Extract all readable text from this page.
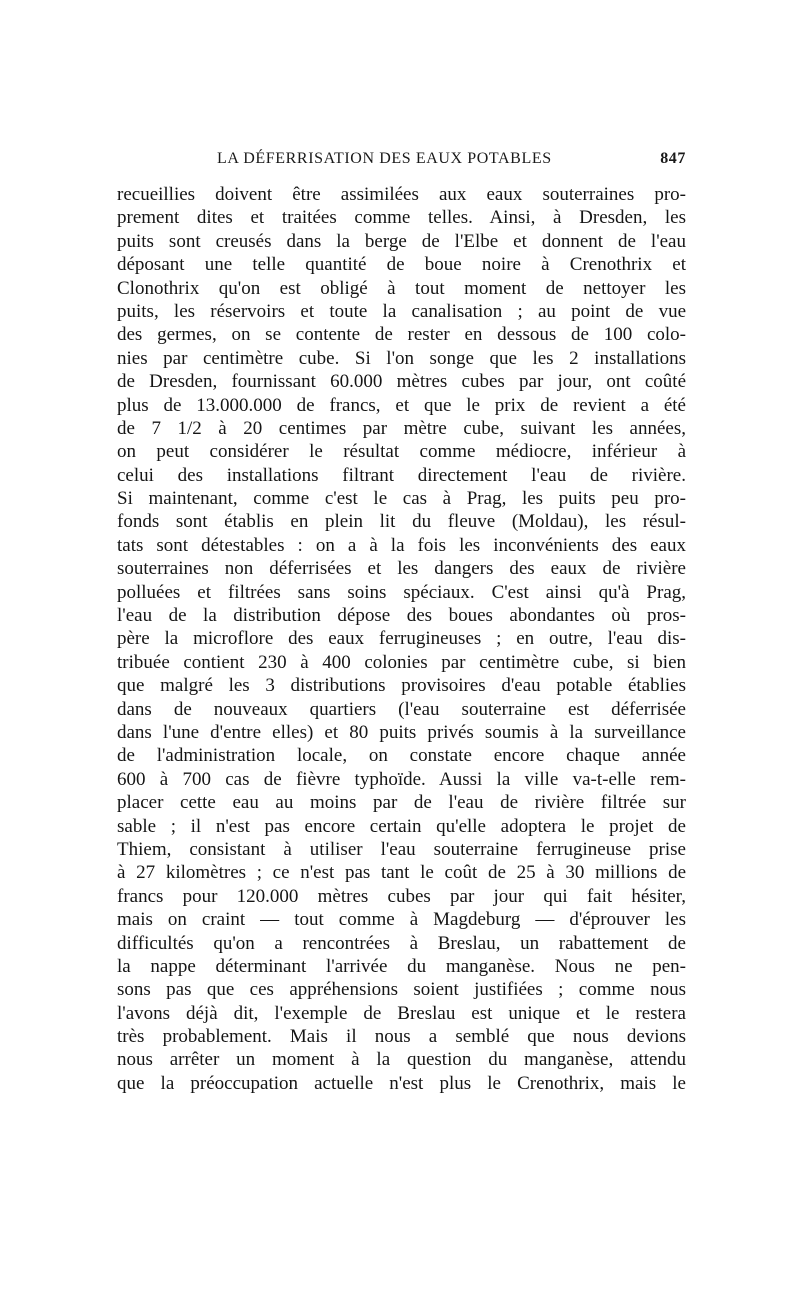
LA DÉFERRISATION DES EAUX POTABLES	847
recueillies doivent être assimilées aux eaux souterraines pro-
prement dites et traitées comme telles. Ainsi, à Dresden, les
puits sont creusés dans la berge de l'Elbe et donnent de l'eau
déposant une telle quantité de boue noire à Crenothrix et
Clonothrix qu'on est obligé à tout moment de nettoyer les
puits, les réservoirs et toute la canalisation ; au point de vue
des germes, on se contente de rester en dessous de 100 colo-
nies par centimètre cube. Si l'on songe que les 2 installations
de Dresden, fournissant 60.000 mètres cubes par jour, ont coûté
plus de 13.000.000 de francs, et que le prix de revient a été
de 7 1/2 à 20 centimes par mètre cube, suivant les années,
on peut considérer le résultat comme médiocre, inférieur à
celui des installations filtrant directement l'eau de rivière.
Si maintenant, comme c'est le cas à Prag, les puits peu pro-
fonds sont établis en plein lit du fleuve (Moldau), les résul-
tats sont détestables : on a à la fois les inconvénients des eaux
souterraines non déferrisées et les dangers des eaux de rivière
polluées et filtrées sans soins spéciaux. C'est ainsi qu'à Prag,
l'eau de la distribution dépose des boues abondantes où pros-
père la microflore des eaux ferrugineuses ; en outre, l'eau dis-
tribuée contient 230 à 400 colonies par centimètre cube, si bien
que malgré les 3 distributions provisoires d'eau potable établies
dans de nouveaux quartiers (l'eau souterraine est déferrisée
dans l'une d'entre elles) et 80 puits privés soumis à la surveillance
de l'administration locale, on constate encore chaque année
600 à 700 cas de fièvre typhoïde. Aussi la ville va-t-elle rem-
placer cette eau au moins par de l'eau de rivière filtrée sur
sable ; il n'est pas encore certain qu'elle adoptera le projet de
Thiem, consistant à utiliser l'eau souterraine ferrugineuse prise
à 27 kilomètres ; ce n'est pas tant le coût de 25 à 30 millions de
francs pour 120.000 mètres cubes par jour qui fait hésiter,
mais on craint — tout comme à Magdeburg — d'éprouver les
difficultés qu'on a rencontrées à Breslau, un rabattement de
la nappe déterminant l'arrivée du manganèse. Nous ne pen-
sons pas que ces appréhensions soient justifiées ; comme nous
l'avons déjà dit, l'exemple de Breslau est unique et le restera
très probablement. Mais il nous a semblé que nous devions
nous arrêter un moment à la question du manganèse, attendu
que la préoccupation actuelle n'est plus le Crenothrix, mais le
